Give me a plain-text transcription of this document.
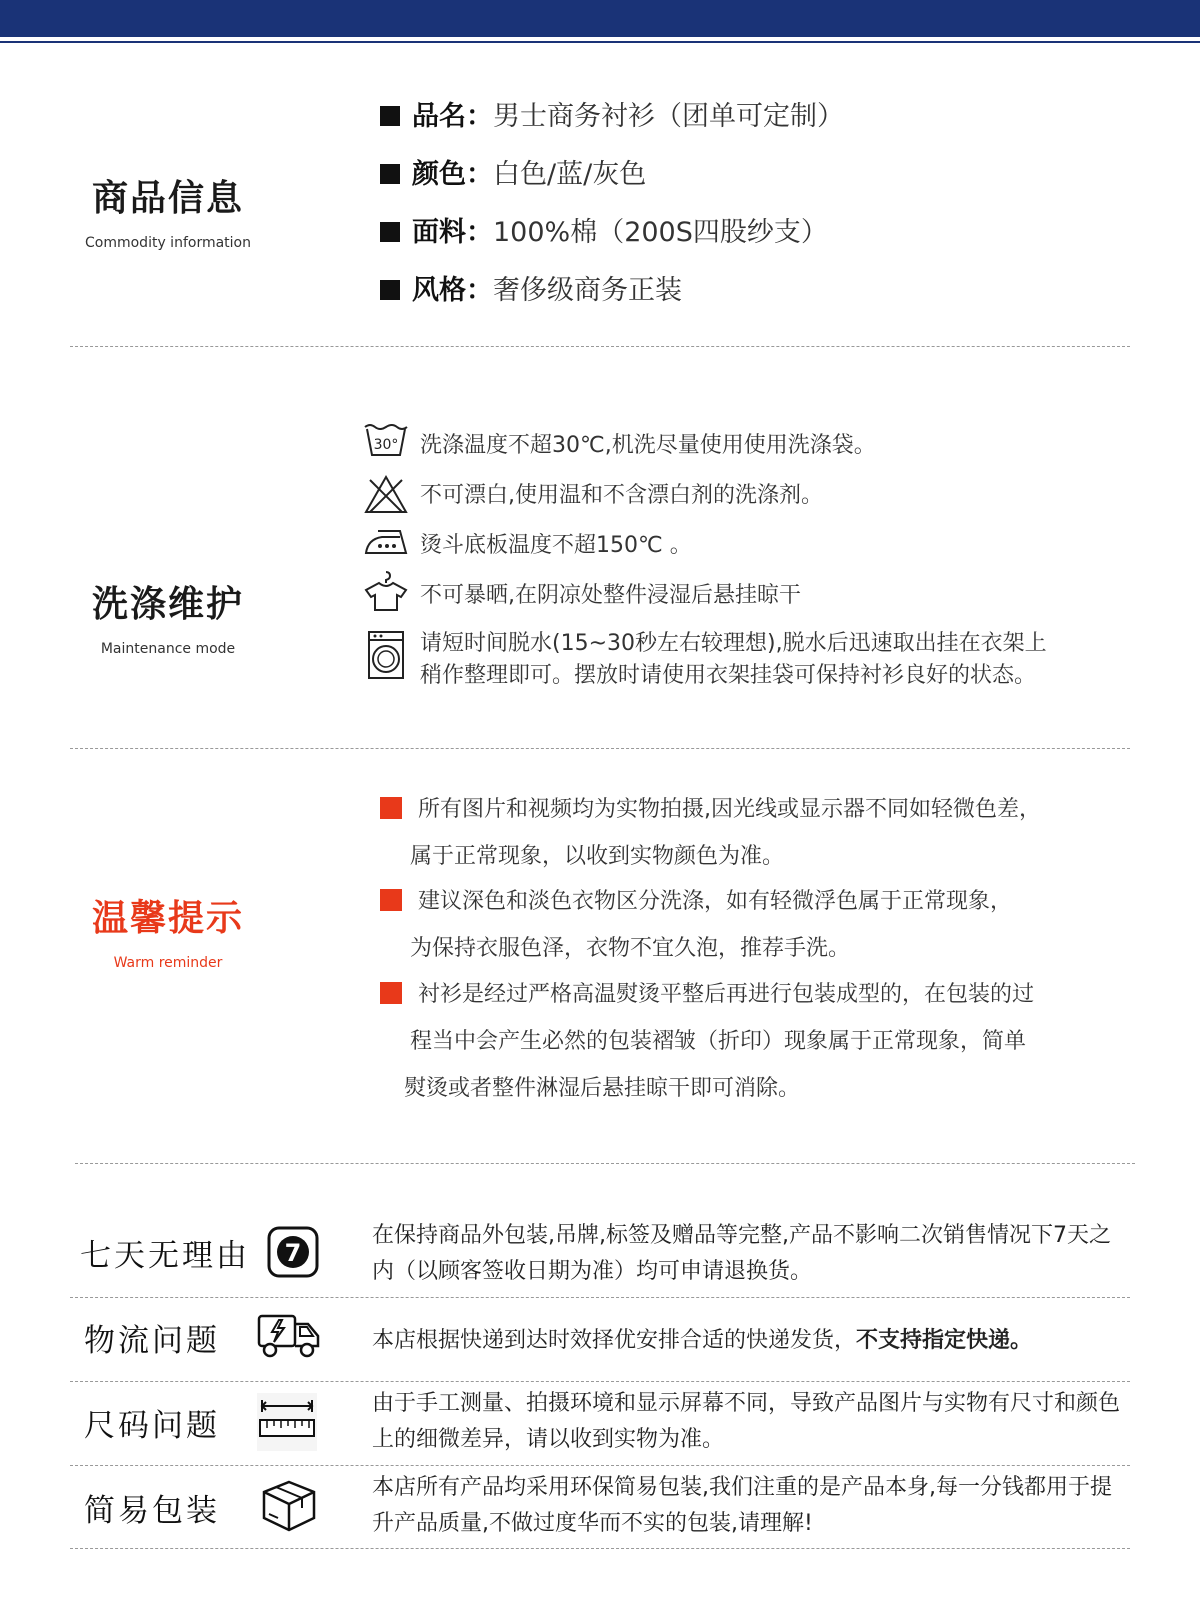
商品信息
Commodity information
品名：男士商务衬衫（团单可定制）
颜色：白色/蓝/灰色
面料：100%棉（200S四股纱支）
风格：奢侈级商务正装
洗涤维护
Maintenance mode
30° 洗涤温度不超30℃,机洗尽量使用使用洗涤袋。
不可漂白,使用温和不含漂白剂的洗涤剂。
烫斗底板温度不超150℃ 。
不可暴晒,在阴凉处整件浸湿后悬挂晾干
请短时间脱水(15~30秒左右较理想),脱水后迅速取出挂在衣架上
稍作整理即可。摆放时请使用衣架挂袋可保持衬衫良好的状态。
温馨提示
Warm reminder
所有图片和视频均为实物拍摄,因光线或显示器不同如轻微色差，
属于正常现象，以收到实物颜色为准。
建议深色和淡色衣物区分洗涤，如有轻微浮色属于正常现象，
为保持衣服色泽，衣物不宜久泡，推荐手洗。
衬衫是经过严格高温熨烫平整后再进行包装成型的，在包装的过
程当中会产生必然的包装褶皱（折印）现象属于正常现象，简单
熨烫或者整件淋湿后悬挂晾干即可消除。
七天无理由 7
在保持商品外包装,吊牌,标签及赠品等完整,产品不影响二次销售情况下7天之内（以顾客签收日期为准）均可申请退换货。
物流问题	本店根据快递到达时效择优安排合适的快递发货，不支持指定快递。
尺码问题
由于手工测量、拍摄环境和显示屏幕不同，导致产品图片与实物有尺寸和颜色上的细微差异，请以收到实物为准。
简易包装
本店所有产品均采用环保简易包装,我们注重的是产品本身,每一分钱都用于提升产品质量,不做过度华而不实的包装,请理解!
